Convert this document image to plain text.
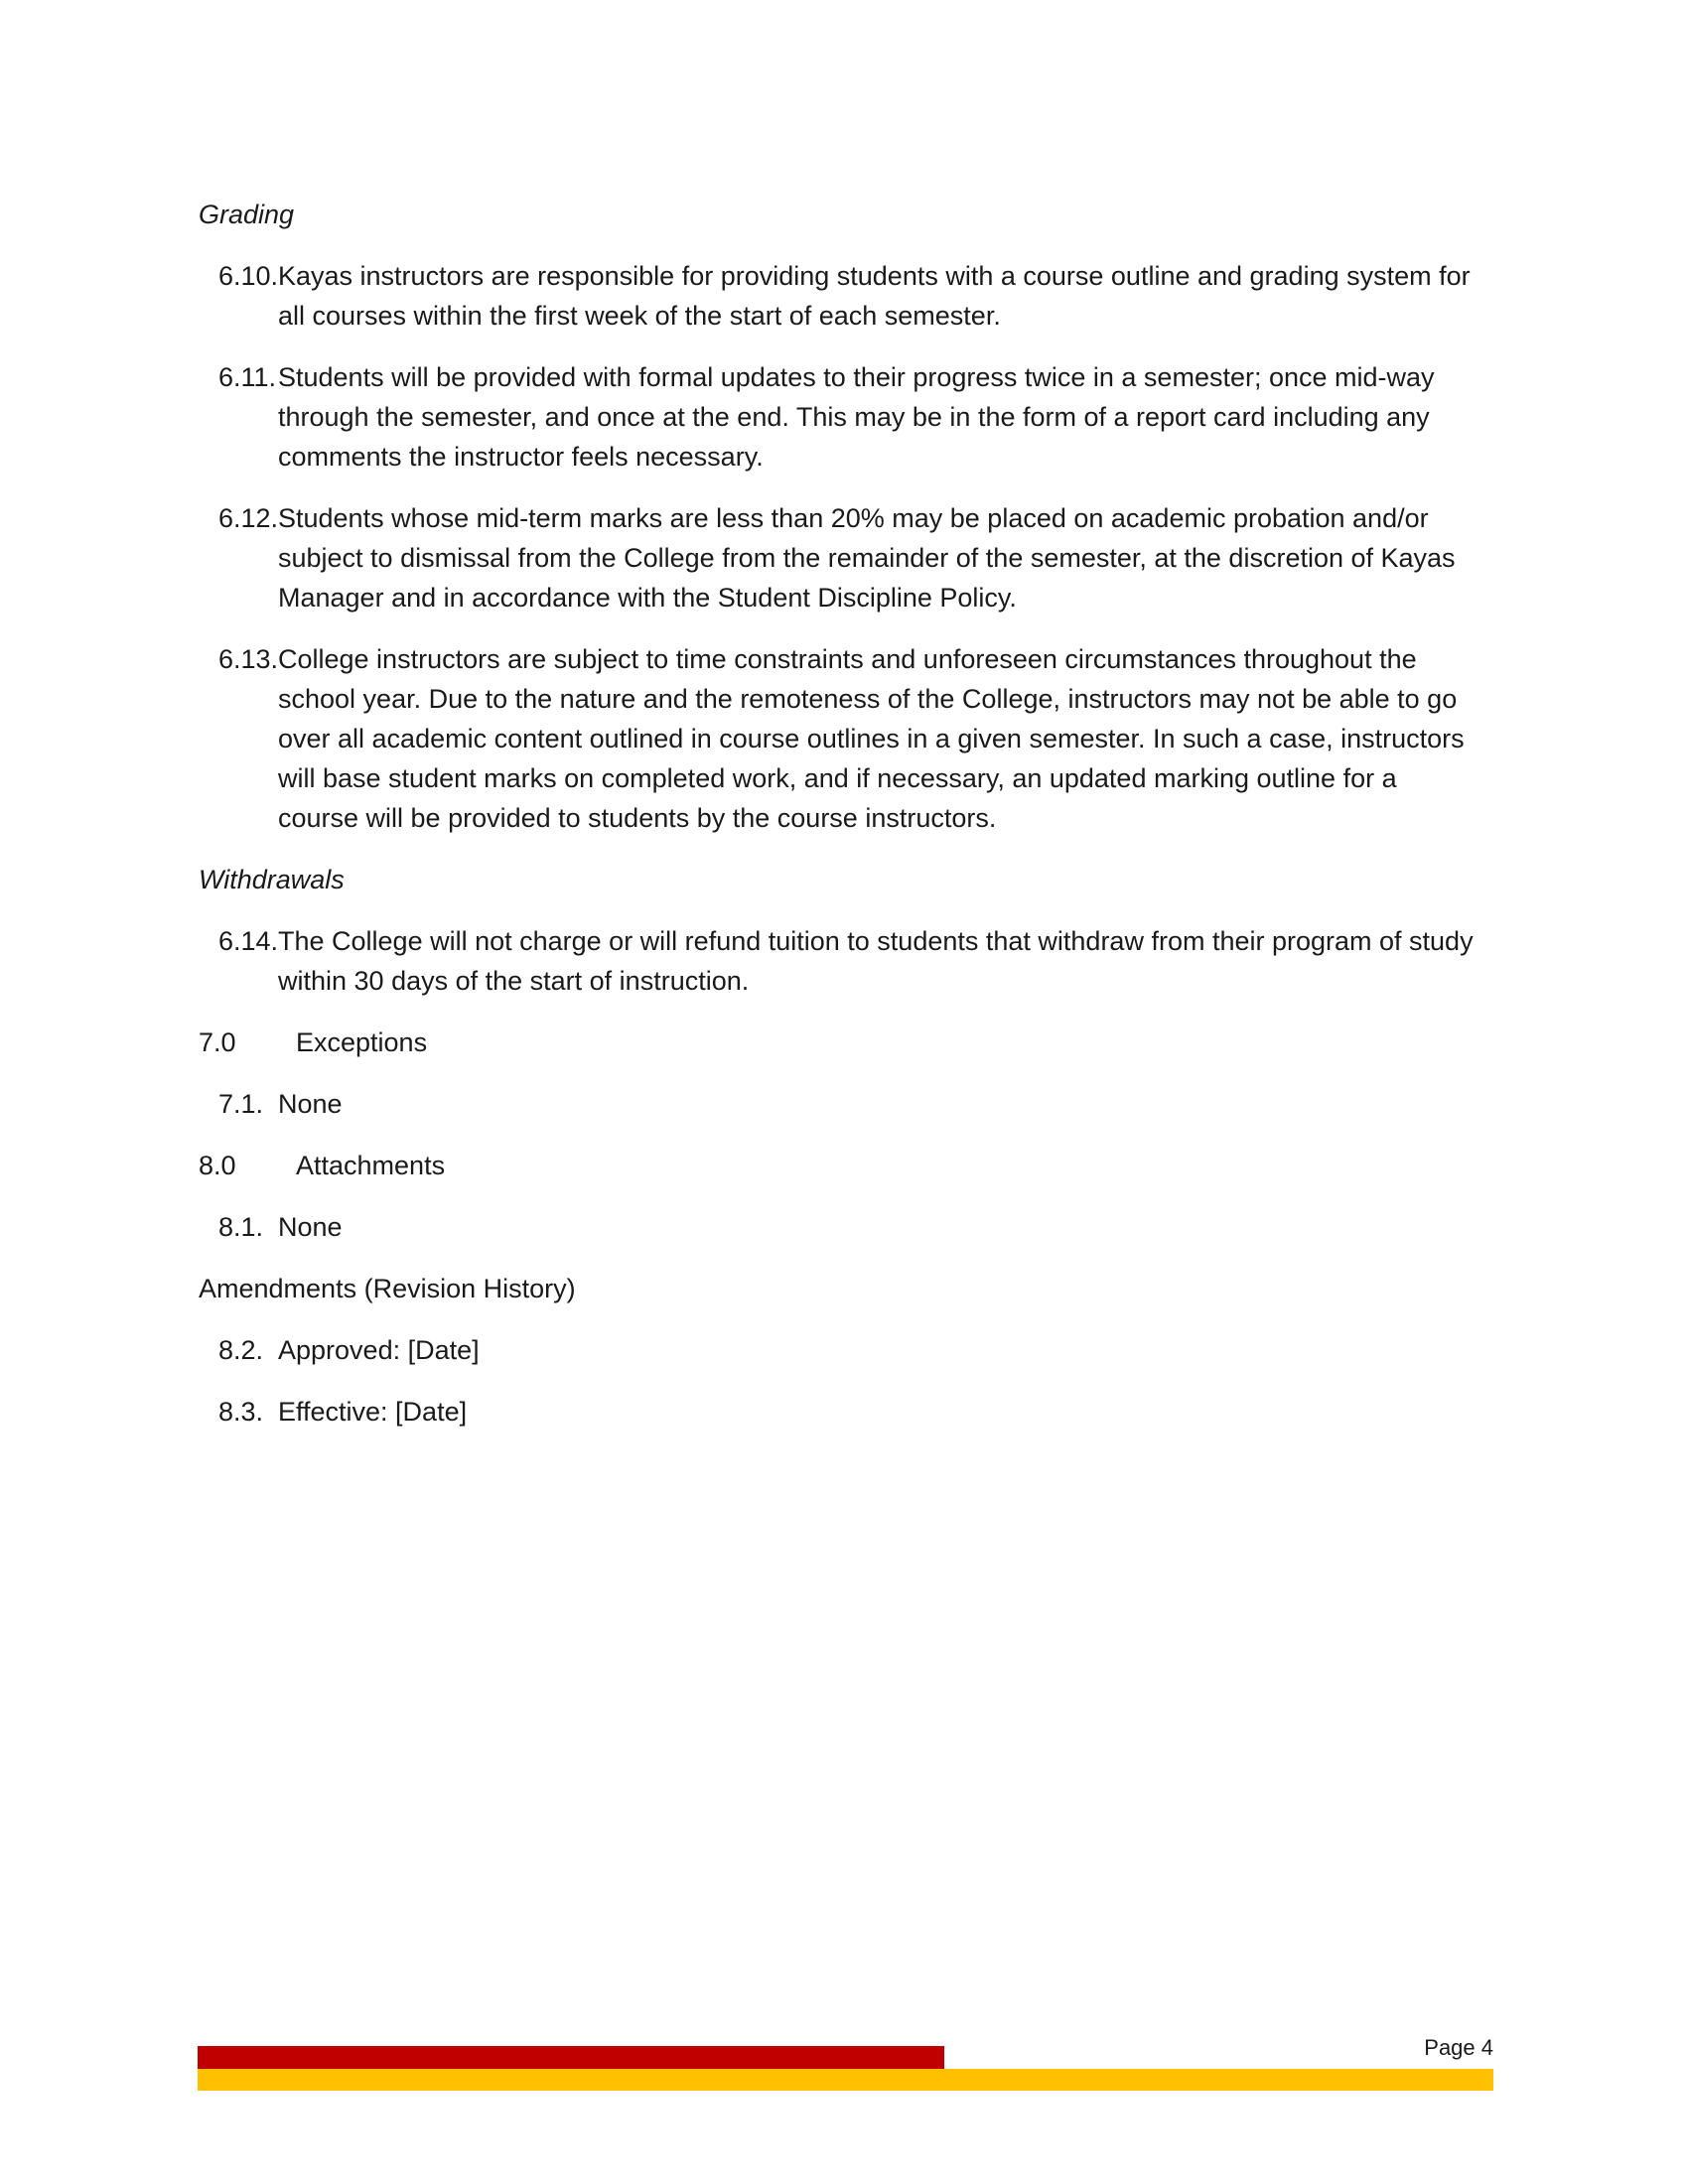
Grading
6.10. Kayas instructors are responsible for providing students with a course outline and grading system for all courses within the first week of the start of each semester.
6.11. Students will be provided with formal updates to their progress twice in a semester; once mid-way through the semester, and once at the end. This may be in the form of a report card including any comments the instructor feels necessary.
6.12. Students whose mid-term marks are less than 20% may be placed on academic probation and/or subject to dismissal from the College from the remainder of the semester, at the discretion of Kayas Manager and in accordance with the Student Discipline Policy.
6.13. College instructors are subject to time constraints and unforeseen circumstances throughout the school year. Due to the nature and the remoteness of the College, instructors may not be able to go over all academic content outlined in course outlines in a given semester. In such a case, instructors will base student marks on completed work, and if necessary, an updated marking outline for a course will be provided to students by the course instructors.
Withdrawals
6.14. The College will not charge or will refund tuition to students that withdraw from their program of study within 30 days of the start of instruction.
7.0 Exceptions
7.1. None
8.0 Attachments
8.1. None
Amendments (Revision History)
8.2. Approved: [Date]
8.3. Effective: [Date]
Page 4
